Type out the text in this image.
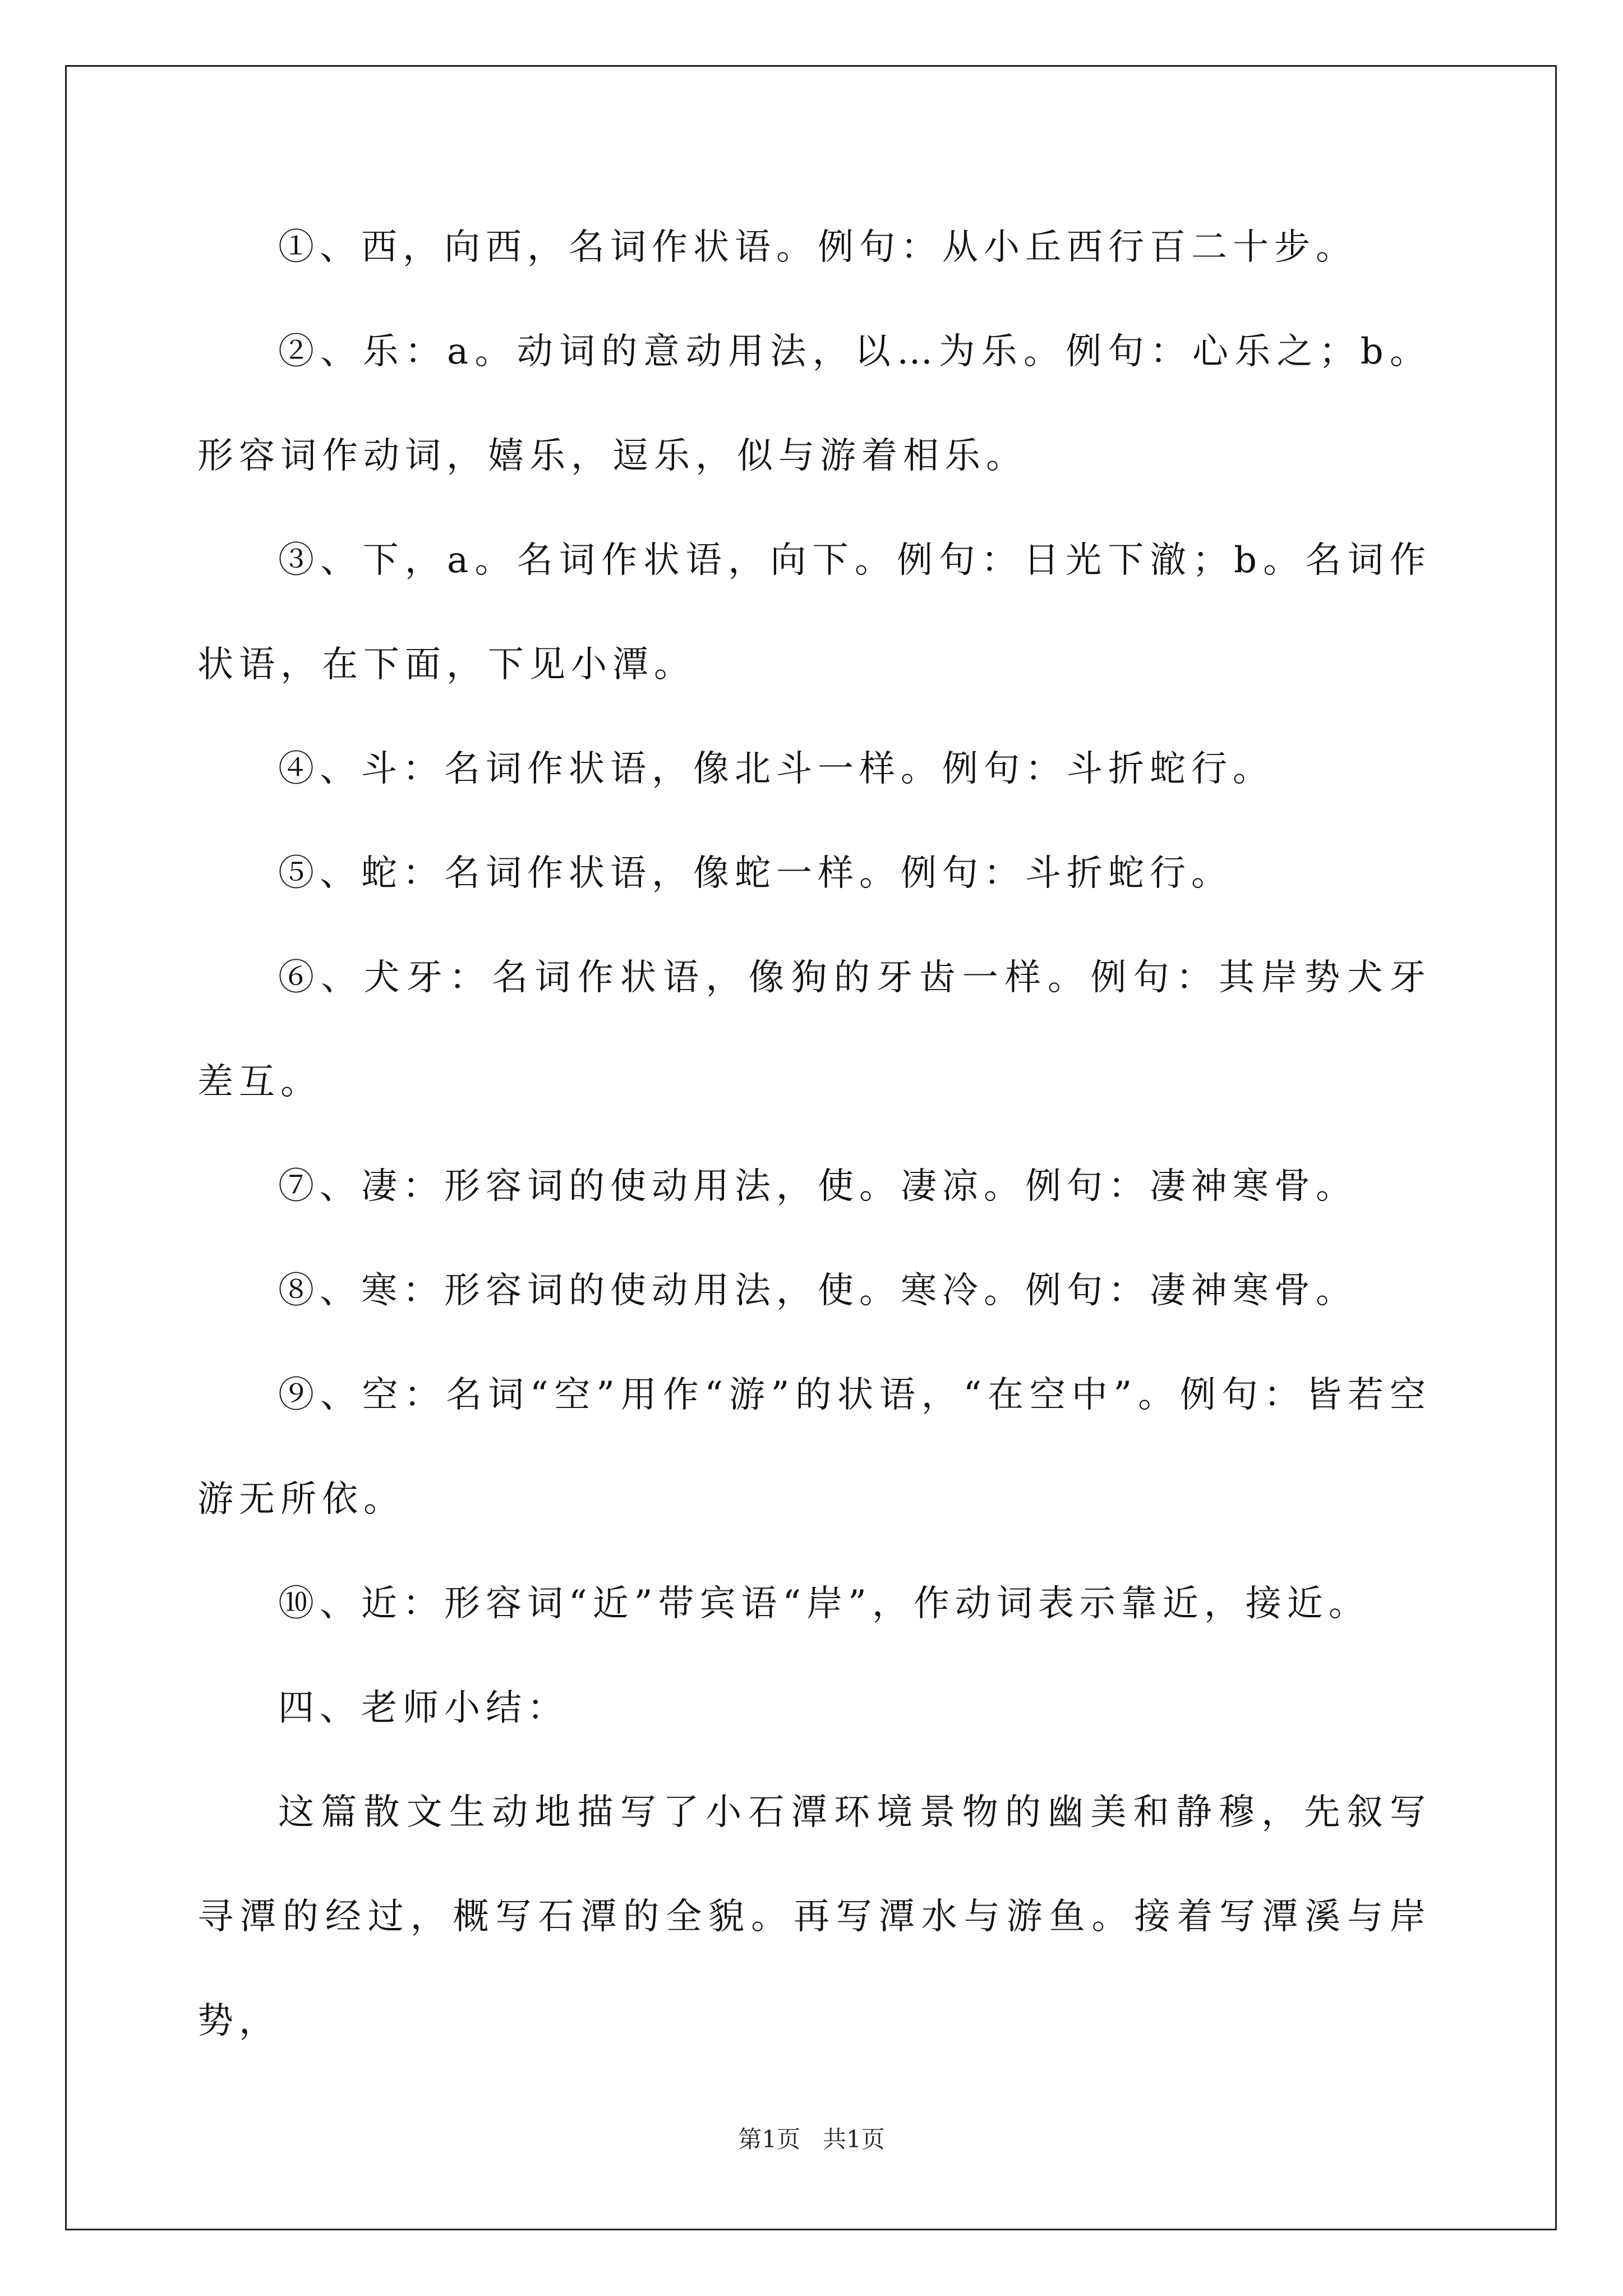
①、西，向西，名词作状语。例句：从小丘西行百二十步。

②、乐：a。动词的意动用法，以…为乐。例句：心乐之；b。形容词作动词，嬉乐，逗乐，似与游着相乐。

③、下，a。名词作状语，向下。例句：日光下澈；b。名词作状语，在下面，下见小潭。

④、斗：名词作状语，像北斗一样。例句：斗折蛇行。

⑤、蛇：名词作状语，像蛇一样。例句：斗折蛇行。

⑥、犬牙：名词作状语，像狗的牙齿一样。例句：其岸势犬牙差互。

⑦、凄：形容词的使动用法，使。凄凉。例句：凄神寒骨。

⑧、寒：形容词的使动用法，使。寒冷。例句：凄神寒骨。

⑨、空：名词“空”用作“游”的状语，“在空中”。例句：皆若空游无所依。

⑩、近：形容词“近”带宾语“岸”，作动词表示靠近，接近。

四、老师小结：

这篇散文生动地描写了小石潭环境景物的幽美和静穆，先叙写寻潭的经过，概写石潭的全貌。再写潭水与游鱼。接着写潭溪与岸势，

第1页 共1页
